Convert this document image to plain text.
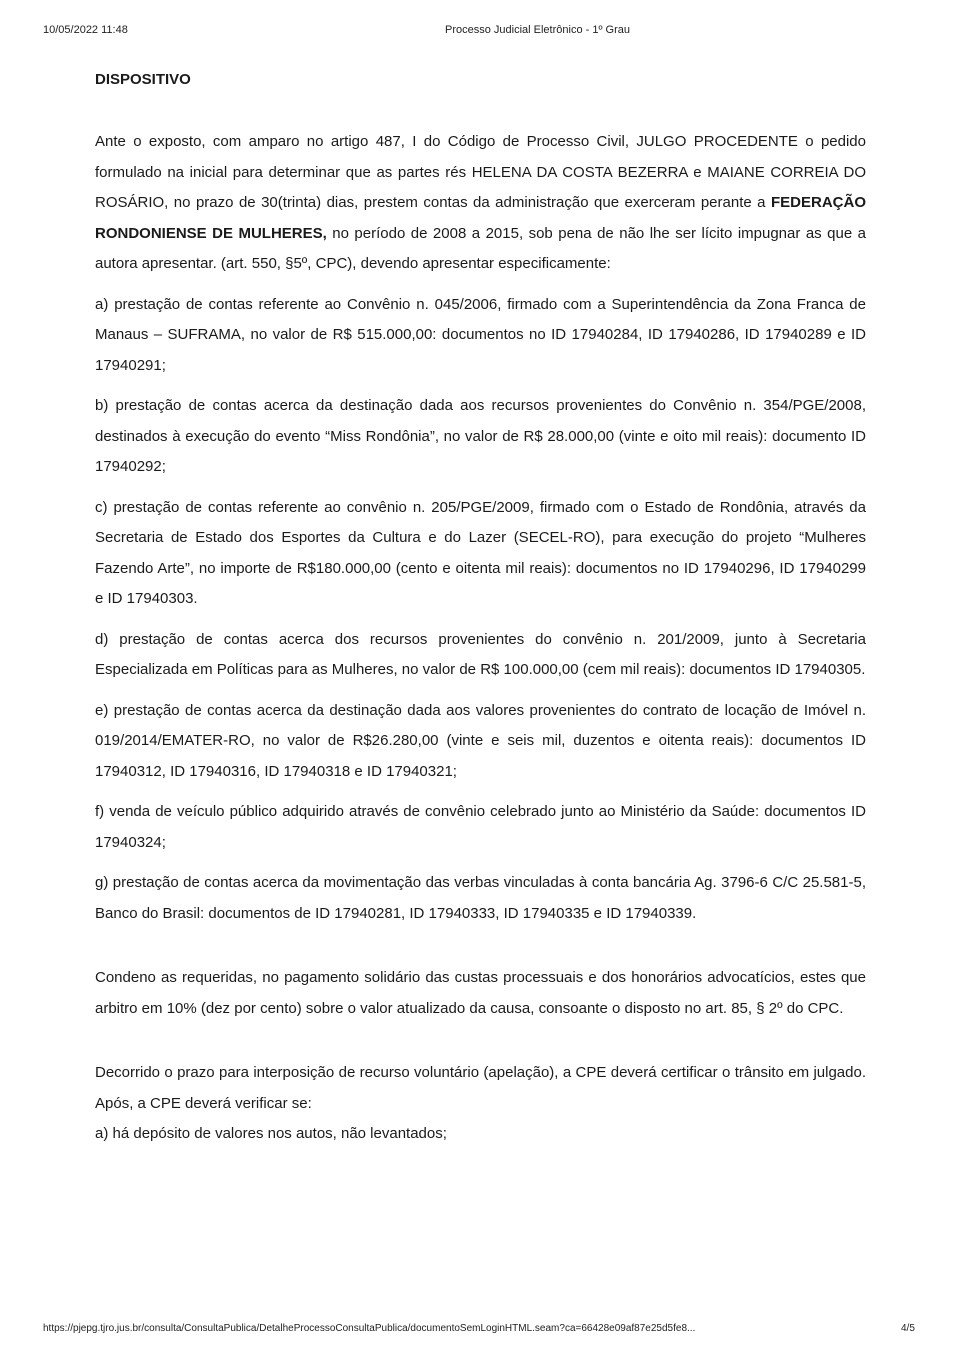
10/05/2022 11:48	Processo Judicial Eletrônico - 1º Grau
DISPOSITIVO

Ante o exposto, com amparo no artigo 487, I do Código de Processo Civil, JULGO PROCEDENTE o pedido formulado na inicial para determinar que as partes rés HELENA DA COSTA BEZERRA e MAIANE CORREIA DO ROSÁRIO, no prazo de 30(trinta) dias, prestem contas da administração que exerceram perante a FEDERAÇÃO RONDONIENSE DE MULHERES, no período de 2008 a 2015, sob pena de não lhe ser lícito impugnar as que a autora apresentar. (art. 550, §5º, CPC), devendo apresentar especificamente:

a) prestação de contas referente ao Convênio n. 045/2006, firmado com a Superintendência da Zona Franca de Manaus – SUFRAMA, no valor de R$ 515.000,00: documentos no ID 17940284, ID 17940286, ID 17940289 e ID 17940291;

b) prestação de contas acerca da destinação dada aos recursos provenientes do Convênio n. 354/PGE/2008, destinados à execução do evento “Miss Rondônia”, no valor de R$ 28.000,00 (vinte e oito mil reais): documento ID 17940292;

c) prestação de contas referente ao convênio n. 205/PGE/2009, firmado com o Estado de Rondônia, através da Secretaria de Estado dos Esportes da Cultura e do Lazer (SECEL-RO), para execução do projeto “Mulheres Fazendo Arte”, no importe de R$180.000,00 (cento e oitenta mil reais): documentos no ID 17940296, ID 17940299 e ID 17940303.

d) prestação de contas acerca dos recursos provenientes do convênio n. 201/2009, junto à Secretaria Especializada em Políticas para as Mulheres, no valor de R$ 100.000,00 (cem mil reais): documentos ID 17940305.

e) prestação de contas acerca da destinação dada aos valores provenientes do contrato de locação de Imóvel n. 019/2014/EMATER-RO, no valor de R$26.280,00 (vinte e seis mil, duzentos e oitenta reais): documentos ID 17940312, ID 17940316, ID 17940318 e ID 17940321;

f) venda de veículo público adquirido através de convênio celebrado junto ao Ministério da Saúde: documentos ID 17940324;

g) prestação de contas acerca da movimentação das verbas vinculadas à conta bancária Ag. 3796-6 C/C 25.581-5, Banco do Brasil: documentos de ID 17940281, ID 17940333, ID 17940335 e ID 17940339.

Condeno as requeridas, no pagamento solidário das custas processuais e dos honorários advocatícios, estes que arbitro em 10% (dez por cento) sobre o valor atualizado da causa, consoante o disposto no art. 85, § 2º do CPC.

Decorrido o prazo para interposição de recurso voluntário (apelação), a CPE deverá certificar o trânsito em julgado. Após, a CPE deverá verificar se:

a) há depósito de valores nos autos, não levantados;

https://pjepg.tjro.jus.br/consulta/ConsultaPublica/DetalheProcessoConsultaPublica/documentoSemLoginHTML.seam?ca=66428e09af87e25d5fe8...	4/5
